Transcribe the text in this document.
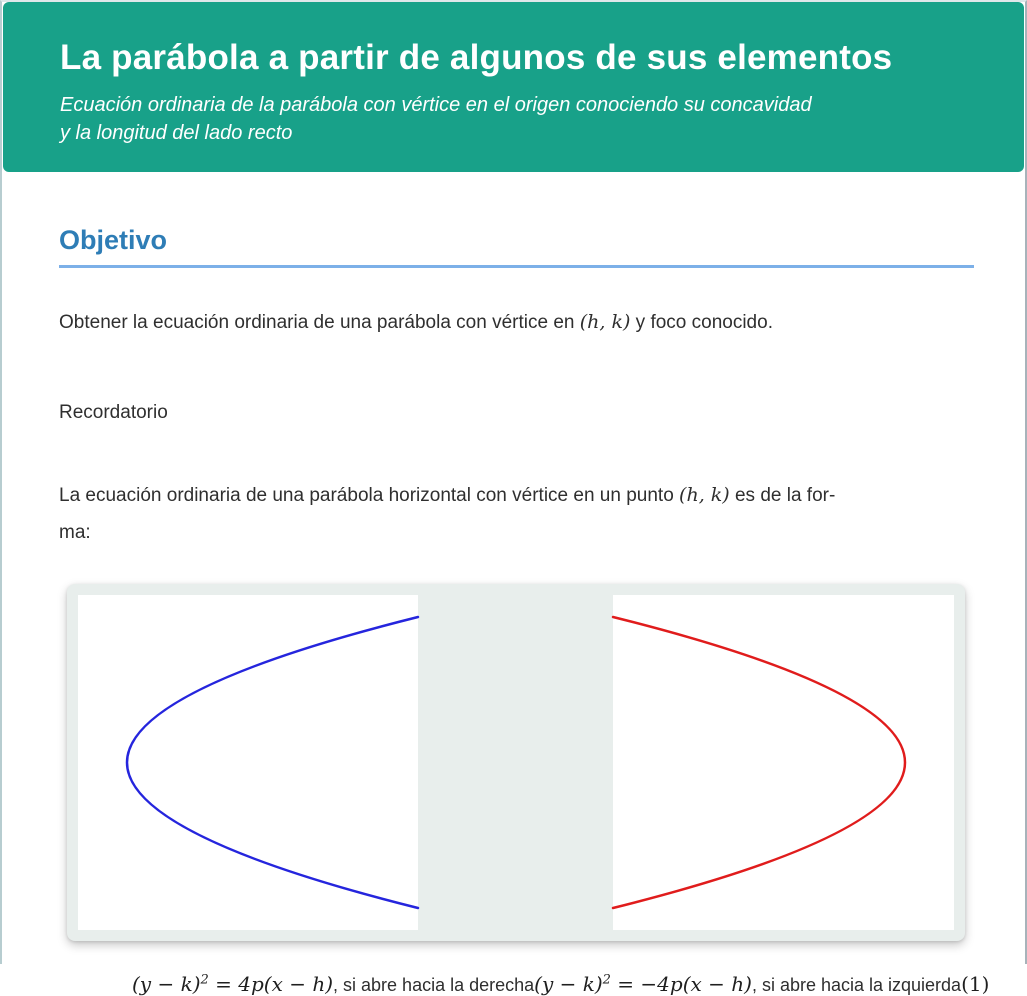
La parábola a partir de algunos de sus elementos
Ecuación ordinaria de la parábola con vértice en el origen conociendo su concavidad
y la longitud del lado recto
Objetivo

Obtener la ecuación ordinaria de una parábola con vértice en (h, k) y foco conocido.

Recordatorio

La ecuación ordinaria de una parábola horizontal con vértice en un punto (h, k) es de la for-
ma:

$(y - k)^2 = 4p(x - h)$ , si abre hacia la derecha $(y - k)^2 = -4p(x - h)$ , si abre hacia la izquierda (1)
